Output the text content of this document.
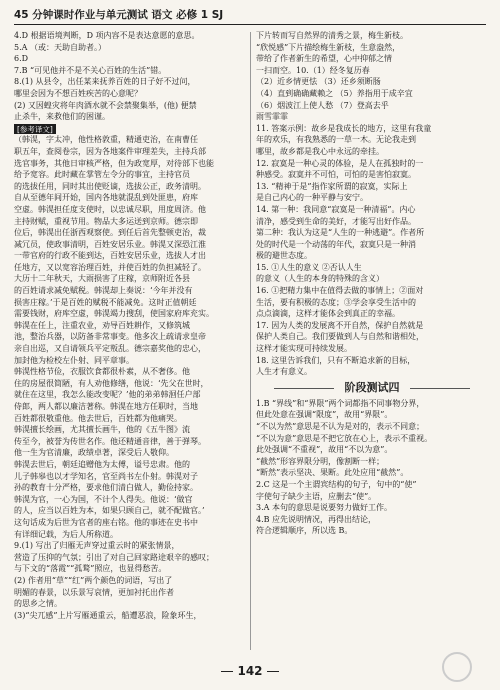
45 分钟课时作业与单元测试 语文 必修 1 SJ
4.D 根据语境判断，D 项内容不是表达意愿的意思。
5.A （或：天助自助者。）
6.D
7.B “可见他并不是不关心百姓的生活”错。
8.(1) 从县令，出任某来抚养百姓的日子好不过问，
哪里会因为不想百姓疾苦的心意呢？
(2) 又因蝗灾将年肉酒水就不会禁聚集举，(他) 便禁
止杀牛，来救他们的困谨。
[参考译文]
（韩滉，字太冲，他性格敦重，精通吏治，在南曹任
职五年，查阅卷宗，因为各地案件审理差失，主持兵部
选官事务，其他日审核严格，但为政宽厚，对待部下也能
给予宽容。此时藏在掌管左令分的事宜，主持官员
的选拔任用，同时其出使贬谪，选拔公正，政务清明。
自从至德年间开始，国内各地就混乱到处匪患，府库
空虚。韩滉担任度支使时，以忠诚尽职，用度周济。他
主持财赋，重视节用。物品大多运送到京师。德宗即
位后，韩滉出任浙西观察使。到任后首先整顿吏治，裁
减冗员，使政事清明，百姓安居乐业。韩滉又深恐江淮
一带官府的行政不能到达，百姓安居乐业，选拔人才出
任地方，又以宽容治理百姓，并使百姓的负担减轻了。
大历十二年秋天，大雨损害了庄稼，京师附近各县
的百姓请求减免赋税。韩滉却上奏说：‘今年并没有
损害庄稼。’于是百姓的赋税不能减免。这时正值朝廷
需要钱财，府库空虚，韩滉竭力搜刮，使国家府库充实。
韩滉在任上，注重农业，劝导百姓耕作，又修筑城
池，整治兵器，以防备非常事变。他多次上疏请求皇帝
亲自出巡，又自请领兵平定叛乱。德宗嘉奖他的忠心，
加封他为检校左仆射、同平章事。
韩滉性格节俭，衣服饮食都很朴素，从不奢侈。他
住的房屋很简陋，有人劝他修缮，他说：‘先父在世时，
就住在这里，我怎么能改变呢？’他的弟弟韩洄任户部
侍郎，两人都以廉洁著称。韩滉在地方任职时，当地
百姓都很敬重他。他去世后，百姓都为他痛哭。
韩滉擅长绘画，尤其擅长画牛，他的《五牛图》流
传至今，被誉为传世名作。他还精通音律，善于弹琴。
他一生为官清廉，政绩卓著，深受后人敬仰。
韩滉去世后，朝廷追赠他为太傅，谥号忠肃。他的
儿子韩皋也以才学知名，官至尚书左仆射。韩滉对子
孙的教育十分严格，要求他们清白做人，勤俭持家。
韩滉为官，一心为国，不计个人得失。他说：‘做官
的人，应当以百姓为本，如果只顾自己，就不配做官。’
这句话成为后世为官者的座右铭。他的事迹在史书中
有详细记载，为后人所称道。
9.(1) 写出了归雁无声穿过重云时的紧张情景，
营造了压抑的气氛；引出了对自己回家路途艰辛的感叹；
与下文的“落霞”“孤鹜”照应，也显得愁苦。
(2) 作者用“草”“红”两个颜色的词语，写出了
明媚的春景，以乐景写哀情，更加衬托出作者
的思乡之情。
(3)“尖兀感”上片写雁通重云，船遭恶浪，险象环生，
下片转而写自然界的清秀之景，梅生新枝。
“欣悦感”下片描绘梅生新枝，生意盎然，
带给了作者新生的希望，心中抑郁之情
一扫而空。10.（1）经冬复历春
（2）近乡情更怯 （3）还乡须断肠
（4）直到确确藏赖之 （5）养指用于成辛宜
（6）烟波江上使人愁 （7）登高去乎
雨雪霏霏
11. 答案示例：故乡是我成长的地方，这里有我童
年的欢乐，有我熟悉的一草一木。无论我走到
哪里，故乡都是我心中永远的牵挂。
12. 寂寞是一种心灵的体验，是人在孤独时的一
种感受。寂寞并不可怕，可怕的是害怕寂寞。
13. “精神于是”指作家所谓的寂寞，实际上
是自己内心的一种平静与安宁。
14. 第一种：我同意“寂寞是一种清福”。内心
清净，感受到生命的美好，才能写出好作品。
第二种：我认为这是“人生的一种逃避”。作者所
处的时代是一个动荡的年代，寂寞只是一种消
极的避世态度。
15. ①人生的意义 ②否认人生
的意义（人生的本身的特殊的含义）
16. ①把精力集中在值得去做的事情上；②面对
生活，要有积极的态度；③学会享受生活中的
点点滴滴，这样才能体会到真正的幸福。
17. 因为人类的发展离不开自然，保护自然就是
保护人类自己。我们要做到人与自然和谐相处，
这样才能实现可持续发展。
18. 这里告诉我们，只有不断追求新的目标，
人生才有意义。
阶段测试四
1.B “界线”和“界限”两个词都指不同事物分界，
但此处意在强调“限度”，故用“界限”。
“不以为然”意思是不认为是对的，表示不同意；
“不以为意”意思是不把它放在心上，表示不重视。
此处强调“不重视”，故用“不以为意”。
“截然”形容界限分明，像割断一样；
“断然”表示坚决、果断。此处应用“截然”。
2.C 这是一个主谓宾结构的句子，句中的“使”
字使句子缺少主语，应删去“使”。
3.A 本句的意思是说要努力做好工作。
4.B 应先说明情况，再得出结论，
符合逻辑顺序，所以选 B。
142
